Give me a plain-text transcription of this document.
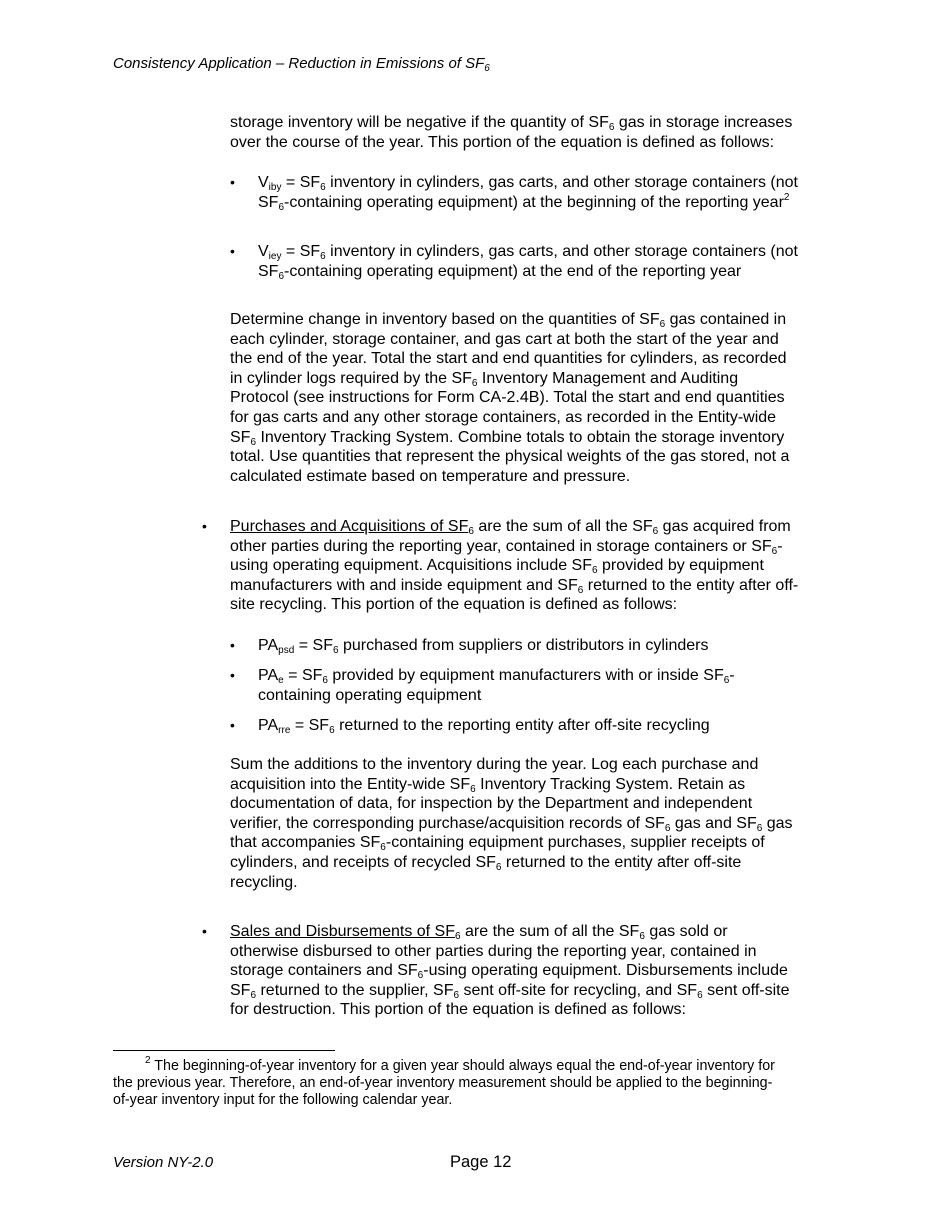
Consistency Application – Reduction in Emissions of $SF_6$
storage inventory will be negative if the quantity of $SF_6$ gas in storage increases
over the course of the year. This portion of the equation is defined as follows:
• $V_{iby} = SF_6$ inventory in cylinders, gas carts, and other storage containers (not
$SF_6$-containing operating equipment) at the beginning of the reporting year$^2$
• $V_{iey} = SF_6$ inventory in cylinders, gas carts, and other storage containers (not
$SF_6$-containing operating equipment) at the end of the reporting year
Determine change in inventory based on the quantities of $SF_6$ gas contained in
each cylinder, storage container, and gas cart at both the start of the year and
the end of the year. Total the start and end quantities for cylinders, as recorded
in cylinder logs required by the $SF_6$ Inventory Management and Auditing
Protocol (see instructions for Form CA-2.4B). Total the start and end quantities
for gas carts and any other storage containers, as recorded in the Entity-wide
$SF_6$ Inventory Tracking System. Combine totals to obtain the storage inventory
total. Use quantities that represent the physical weights of the gas stored, not a
calculated estimate based on temperature and pressure.
• Purchases and Acquisitions of $SF_6$ are the sum of all the $SF_6$ gas acquired from
other parties during the reporting year, contained in storage containers or $SF_6-$
using operating equipment. Acquisitions include $SF_6$ provided by equipment
manufacturers with and inside equipment and $SF_6$ returned to the entity after off-
site recycling. This portion of the equation is defined as follows:
• $PA_{psd} = SF_6$ purchased from suppliers or distributors in cylinders
• $PA_e = SF_6$ provided by equipment manufacturers with or inside $SF_6-$
containing operating equipment
• $PA_{rre} = SF_6$ returned to the reporting entity after off-site recycling
Sum the additions to the inventory during the year. Log each purchase and
acquisition into the Entity-wide $SF_6$ Inventory Tracking System. Retain as
documentation of data, for inspection by the Department and independent
verifier, the corresponding purchase/acquisition records of $SF_6$ gas and $SF_6$ gas
that accompanies $SF_6$-containing equipment purchases, supplier receipts of
cylinders, and receipts of recycled $SF_6$ returned to the entity after off-site
recycling.
• Sales and Disbursements of $SF_6$ are the sum of all the $SF_6$ gas sold or
otherwise disbursed to other parties during the reporting year, contained in
storage containers and $SF_6$-using operating equipment. Disbursements include
$SF_6$ returned to the supplier, $SF_6$ sent off-site for recycling, and $SF_6$ sent off-site
for destruction. This portion of the equation is defined as follows:
$^2$ The beginning-of-year inventory for a given year should always equal the end-of-year inventory for
the previous year. Therefore, an end-of-year inventory measurement should be applied to the beginning-
of-year inventory input for the following calendar year.
Version NY-2.0	Page 12
